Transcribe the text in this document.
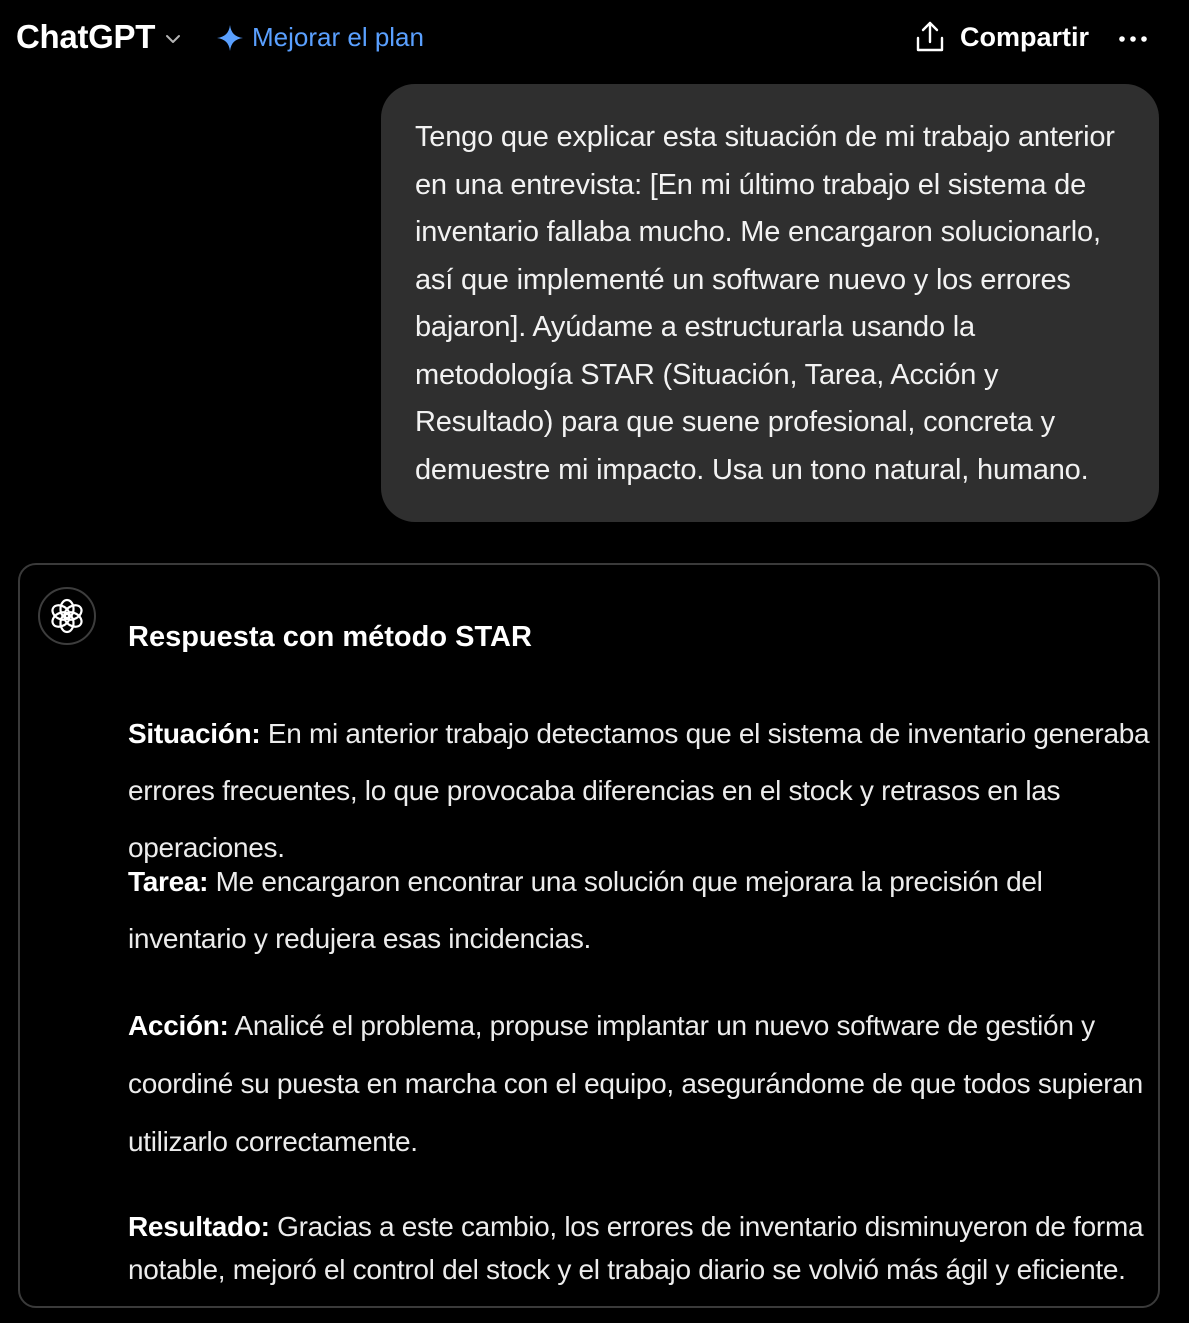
ChatGPT	Mejorar el plan	Compartir
Tengo que explicar esta situación de mi trabajo anterior en una entrevista: [En mi último trabajo el sistema de inventario fallaba mucho. Me encargaron solucionarlo, así que implementé un software nuevo y los errores bajaron]. Ayúdame a estructurarla usando la metodología STAR (Situación, Tarea, Acción y Resultado) para que suene profesional, concreta y demuestre mi impacto. Usa un tono natural, humano.
Respuesta con método STAR
Situación: En mi anterior trabajo detectamos que el sistema de inventario generaba errores frecuentes, lo que provocaba diferencias en el stock y retrasos en las operaciones.
Tarea: Me encargaron encontrar una solución que mejorara la precisión del inventario y redujera esas incidencias.
Acción: Analicé el problema, propuse implantar un nuevo software de gestión y coordiné su puesta en marcha con el equipo, asegurándome de que todos supieran utilizarlo correctamente.
Resultado: Gracias a este cambio, los errores de inventario disminuyeron de forma notable, mejoró el control del stock y el trabajo diario se volvió más ágil y eficiente.
